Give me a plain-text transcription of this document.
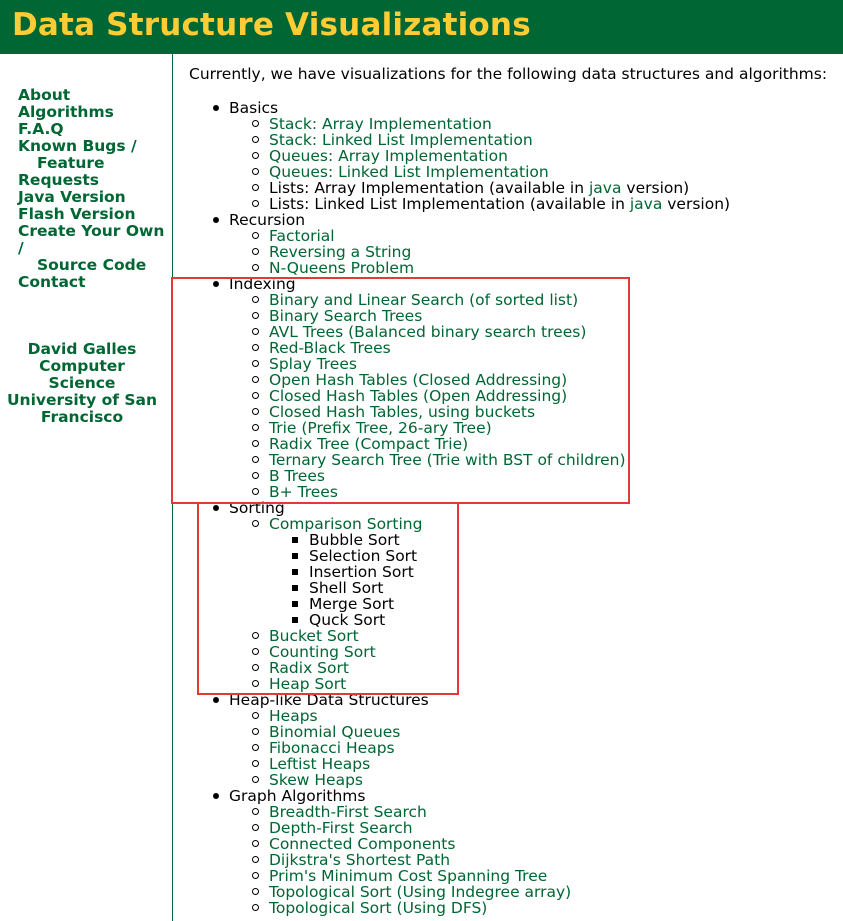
Data Structure Visualizations
About
Algorithms
F.A.Q
Known Bugs /
Feature
Requests
Java Version
Flash Version
Create Your Own
/
Source Code
Contact
David Galles
Computer Science
University of San
Francisco

Currently, we have visualizations for the following data structures and algorithms:

Basics
Stack: Array Implementation
Stack: Linked List Implementation
Queues: Array Implementation
Queues: Linked List Implementation
Lists: Array Implementation (available in java version)
Lists: Linked List Implementation (available in java version)
Recursion
Factorial
Reversing a String
N-Queens Problem
Indexing
Binary and Linear Search (of sorted list)
Binary Search Trees
AVL Trees (Balanced binary search trees)
Red-Black Trees
Splay Trees
Open Hash Tables (Closed Addressing)
Closed Hash Tables (Open Addressing)
Closed Hash Tables, using buckets
Trie (Prefix Tree, 26-ary Tree)
Radix Tree (Compact Trie)
Ternary Search Tree (Trie with BST of children)
B Trees
B+ Trees
Sorting
Comparison Sorting
Bubble Sort
Selection Sort
Insertion Sort
Shell Sort
Merge Sort
Quck Sort
Bucket Sort
Counting Sort
Radix Sort
Heap Sort
Heap-like Data Structures
Heaps
Binomial Queues
Fibonacci Heaps
Leftist Heaps
Skew Heaps
Graph Algorithms
Breadth-First Search
Depth-First Search
Connected Components
Dijkstra's Shortest Path
Prim's Minimum Cost Spanning Tree
Topological Sort (Using Indegree array)
Topological Sort (Using DFS)
